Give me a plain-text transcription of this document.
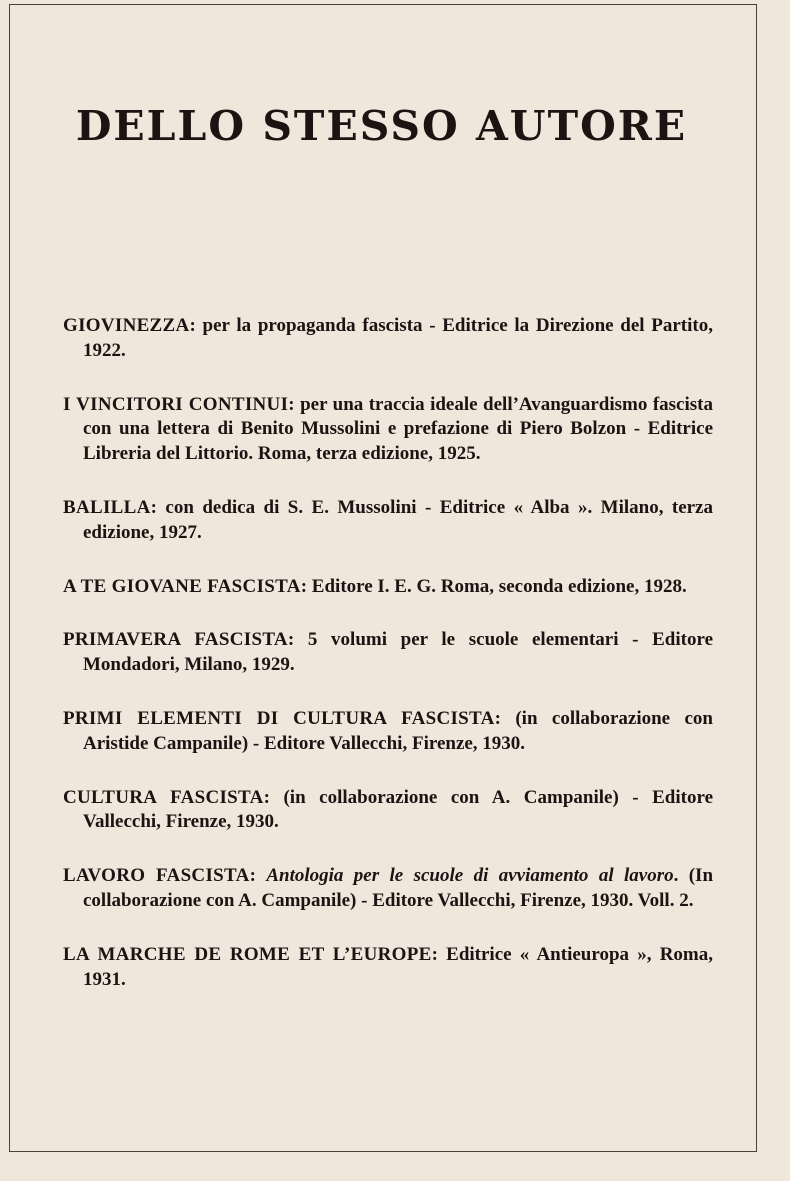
DELLO STESSO AUTORE
GIOVINEZZA: per la propaganda fascista - Editrice la Direzione del Partito, 1922.
I VINCITORI CONTINUI: per una traccia ideale dell’Avanguardismo fascista con una lettera di Benito Mussolini e prefazione di Piero Bolzon - Editrice Libreria del Littorio. Roma, terza edizione, 1925.
BALILLA: con dedica di S. E. Mussolini - Editrice « Alba ». Milano, terza edizione, 1927.
A TE GIOVANE FASCISTA: Editore I. E. G. Roma, seconda edizione, 1928.
PRIMAVERA FASCISTA: 5 volumi per le scuole elementari - Editore Mondadori, Milano, 1929.
PRIMI ELEMENTI DI CULTURA FASCISTA: (in collaborazione con Aristide Campanile) - Editore Vallecchi, Firenze, 1930.
CULTURA FASCISTA: (in collaborazione con A. Campanile) - Editore Vallecchi, Firenze, 1930.
LAVORO FASCISTA: Antologia per le scuole di avviamento al lavoro. (In collaborazione con A. Campanile) - Editore Vallecchi, Firenze, 1930. Voll. 2.
LA MARCHE DE ROME ET L’EUROPE: Editrice « Antieuropa », Roma, 1931.
